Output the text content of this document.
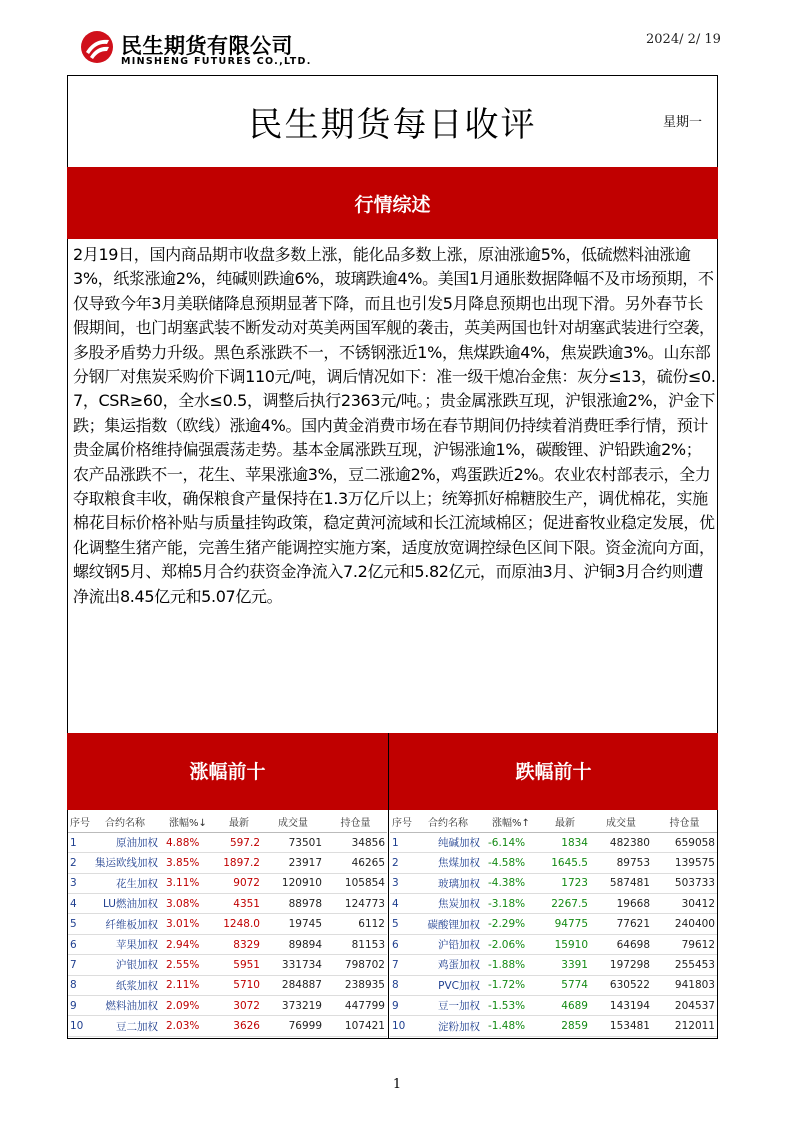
民生期货有限公司
MINSHENG FUTURES CO.,LTD.
2024/ 2/ 19
民生期货每日收评	星期一
行情综述
2月19日，国内商品期市收盘多数上涨，能化品多数上涨，原油涨逾5%，低硫燃料油涨逾3%，纸浆涨逾2%，纯碱则跌逾6%，玻璃跌逾4%。美国1月通胀数据降幅不及市场预期，不仅导致今年3月美联储降息预期显著下降，而且也引发5月降息预期也出现下滑。另外春节长假期间，也门胡塞武装不断发动对英美两国军舰的袭击，英美两国也针对胡塞武装进行空袭，多股矛盾势力升级。黑色系涨跌不一，不锈钢涨近1%，焦煤跌逾4%，焦炭跌逾3%。山东部分钢厂对焦炭采购价下调110元/吨，调后情况如下：准一级干熄冶金焦：灰分≤13，硫份≤0.7，CSR≥60，全水≤0.5，调整后执行2363元/吨。；贵金属涨跌互现，沪银涨逾2%，沪金下跌；集运指数（欧线）涨逾4%。国内黄金消费市场在春节期间仍持续着消费旺季行情，预计贵金属价格维持偏强震荡走势。基本金属涨跌互现，沪锡涨逾1%，碳酸锂、沪铅跌逾2%；农产品涨跌不一，花生、苹果涨逾3%，豆二涨逾2%，鸡蛋跌近2%。农业农村部表示，全力夺取粮食丰收，确保粮食产量保持在1.3万亿斤以上；统筹抓好棉糖胶生产，调优棉花，实施棉花目标价格补贴与质量挂钩政策，稳定黄河流域和长江流域棉区；促进畜牧业稳定发展，优化调整生猪产能，完善生猪产能调控实施方案，适度放宽调控绿色区间下限。资金流向方面，螺纹钢5月、郑棉5月合约获资金净流入7.2亿元和5.82亿元，而原油3月、沪铜3月合约则遭净流出8.45亿元和5.07亿元。
涨幅前十	跌幅前十
序号	合约名称	涨幅%↓	最新	成交量	持仓量
1	原油加权	4.88%	597.2	73501	34856
2	集运欧线加权	3.85%	1897.2	23917	46265
3	花生加权	3.11%	9072	120910	105854
4	LU燃油加权	3.08%	4351	88978	124773
5	纤维板加权	3.01%	1248.0	19745	6112
6	苹果加权	2.94%	8329	89894	81153
7	沪银加权	2.55%	5951	331734	798702
8	纸浆加权	2.11%	5710	284887	238935
9	燃料油加权	2.09%	3072	373219	447799
10	豆二加权	2.03%	3626	76999	107421
序号	合约名称	涨幅%↑	最新	成交量	持仓量
1	纯碱加权	-6.14%	1834	482380	659058
2	焦煤加权	-4.58%	1645.5	89753	139575
3	玻璃加权	-4.38%	1723	587481	503733
4	焦炭加权	-3.18%	2267.5	19668	30412
5	碳酸锂加权	-2.29%	94775	77621	240400
6	沪铅加权	-2.06%	15910	64698	79612
7	鸡蛋加权	-1.88%	3391	197298	255453
8	PVC加权	-1.72%	5774	630522	941803
9	豆一加权	-1.53%	4689	143194	204537
10	淀粉加权	-1.48%	2859	153481	212011
1
